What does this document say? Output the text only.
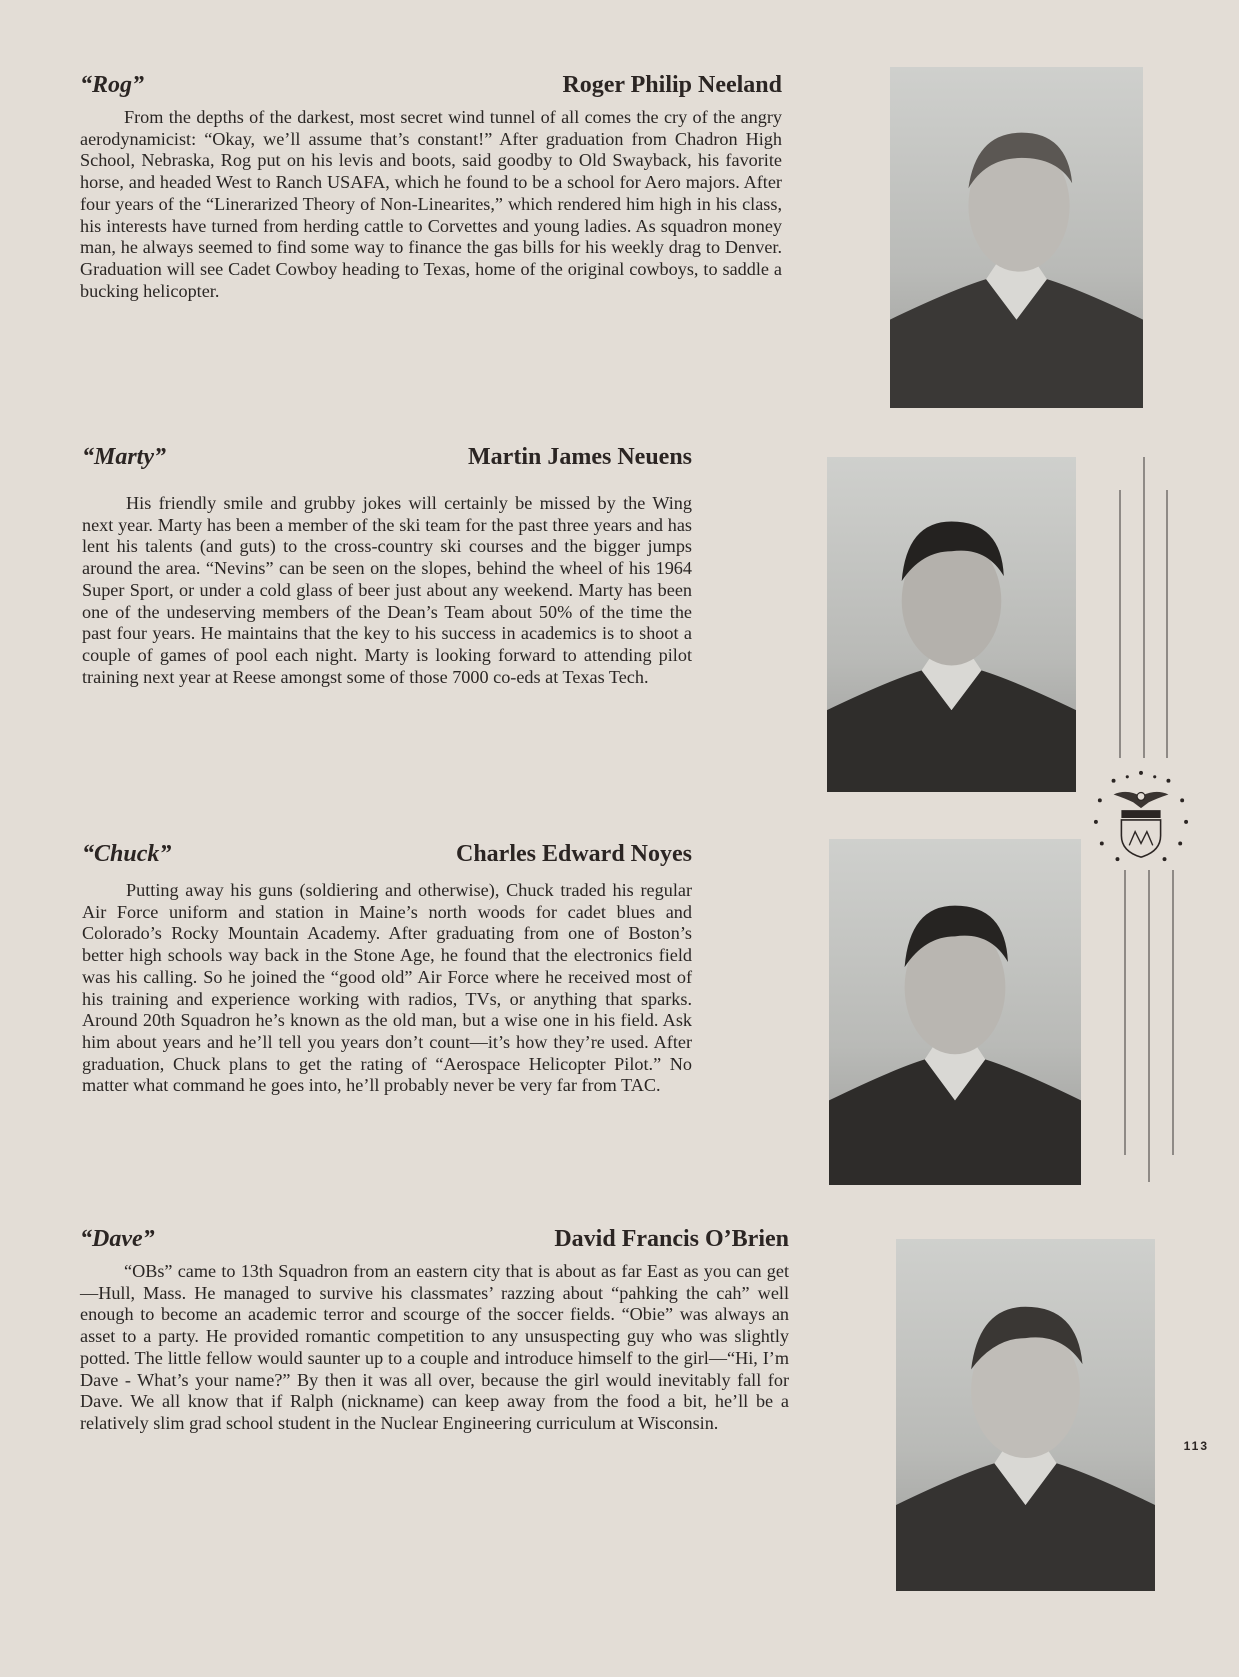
“Rog”	Roger Philip Neeland
From the depths of the darkest, most secret wind tunnel of all comes the cry of the angry aerodynamicist: “Okay, we’ll assume that’s constant!” After graduation from Chadron High School, Nebraska, Rog put on his levis and boots, said goodby to Old Swayback, his favorite horse, and headed West to Ranch USAFA, which he found to be a school for Aero majors. After four years of the “Linerarized Theory of Non-Linearites,” which rendered him high in his class, his interests have turned from herding cattle to Corvettes and young ladies. As squadron money man, he always seemed to find some way to finance the gas bills for his weekly drag to Denver. Graduation will see Cadet Cowboy heading to Texas, home of the original cowboys, to saddle a bucking helicopter.
“Marty”	Martin James Neuens
His friendly smile and grubby jokes will certainly be missed by the Wing next year. Marty has been a member of the ski team for the past three years and has lent his talents (and guts) to the cross-country ski courses and the bigger jumps around the area. “Nevins” can be seen on the slopes, behind the wheel of his 1964 Super Sport, or under a cold glass of beer just about any weekend. Marty has been one of the undeserving members of the Dean’s Team about 50% of the time the past four years. He maintains that the key to his success in academics is to shoot a couple of games of pool each night. Marty is looking forward to attending pilot training next year at Reese amongst some of those 7000 co-eds at Texas Tech.
“Chuck”	Charles Edward Noyes
Putting away his guns (soldiering and otherwise), Chuck traded his regular Air Force uniform and station in Maine’s north woods for cadet blues and Colorado’s Rocky Mountain Academy. After graduating from one of Boston’s better high schools way back in the Stone Age, he found that the electronics field was his calling. So he joined the “good old” Air Force where he received most of his training and experience working with radios, TVs, or anything that sparks. Around 20th Squadron he’s known as the old man, but a wise one in his field. Ask him about years and he’ll tell you years don’t count—it’s how they’re used. After graduation, Chuck plans to get the rating of “Aerospace Helicopter Pilot.” No matter what command he goes into, he’ll probably never be very far from TAC.
“Dave”	David Francis O’Brien
“OBs” came to 13th Squadron from an eastern city that is about as far East as you can get—Hull, Mass. He managed to survive his classmates’ razzing about “pahking the cah” well enough to become an academic terror and scourge of the soccer fields. “Obie” was always an asset to a party. He provided romantic competition to any unsuspecting guy who was slightly potted. The little fellow would saunter up to a couple and introduce himself to the girl—“Hi, I’m Dave - What’s your name?” By then it was all over, because the girl would inevitably fall for Dave. We all know that if Ralph (nickname) can keep away from the food a bit, he’ll be a relatively slim grad school student in the Nuclear Engineering curriculum at Wisconsin.
113
